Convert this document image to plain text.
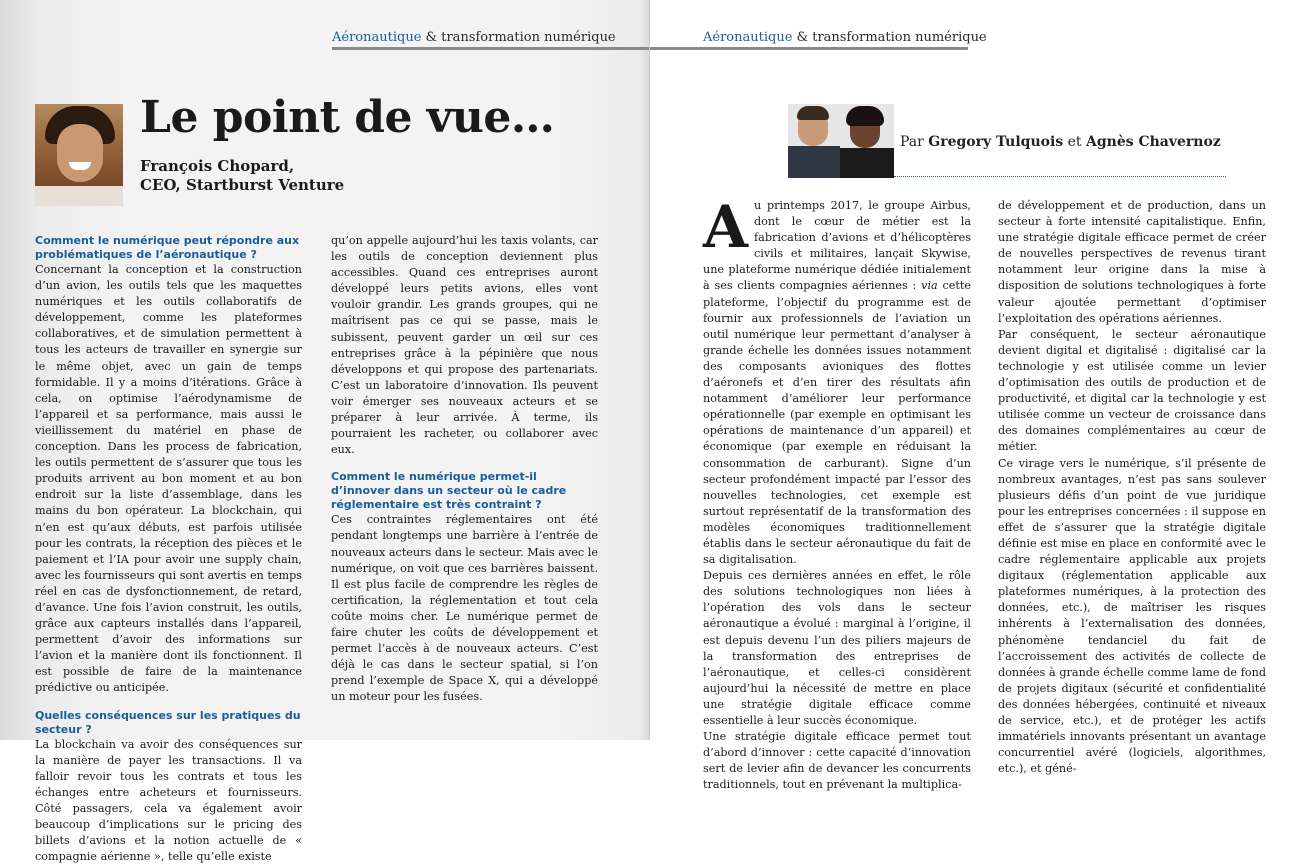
Aéronautique & transformation numérique
Le point de vue…
François Chopard,
CEO, Startburst Venture

Comment le numérique peut répondre aux problématiques de l’aéronautique ?

Concernant la conception et la construction d’un avion, les outils tels que les maquettes numériques et les outils collaboratifs de développement, comme les plateformes collaboratives, et de simulation permettent à tous les acteurs de travailler en synergie sur le même objet, avec un gain de temps formidable. Il y a moins d’itérations. Grâce à cela, on optimise l’aérodynamisme de l’appareil et sa performance, mais aussi le vieillissement du matériel en phase de conception. Dans les process de fabrication, les outils permettent de s’assurer que tous les produits arrivent au bon moment et au bon endroit sur la liste d’assemblage, dans les mains du bon opérateur. La blockchain, qui n’en est qu’aux débuts, est parfois utilisée pour les contrats, la réception des pièces et le paiement et l’IA pour avoir une supply chain, avec les fournisseurs qui sont avertis en temps réel en cas de dysfonctionnement, de retard, d’avance. Une fois l’avion construit, les outils, grâce aux capteurs installés dans l’appareil, permettent d’avoir des informations sur l’avion et la manière dont ils fonctionnent. Il est possible de faire de la maintenance prédictive ou anticipée.

Quelles conséquences sur les pratiques du secteur ?

La blockchain va avoir des conséquences sur la manière de payer les transactions. Il va falloir revoir tous les contrats et tous les échanges entre acheteurs et fournisseurs. Côté passagers, cela va également avoir beaucoup d’implications sur le pricing des billets d’avions et la notion actuelle de « compagnie aérienne », telle qu’elle existe

qu’on appelle aujourd’hui les taxis volants, car les outils de conception deviennent plus accessibles. Quand ces entreprises auront développé leurs petits avions, elles vont vouloir grandir. Les grands groupes, qui ne maîtrisent pas ce qui se passe, mais le subissent, peuvent garder un œil sur ces entreprises grâce à la pépinière que nous développons et qui propose des partenariats. C’est un laboratoire d’innovation. Ils peuvent voir émerger ses nouveaux acteurs et se préparer à leur arrivée. À terme, ils pourraient les racheter, ou collaborer avec eux.

Comment le numérique permet-il d’innover dans un secteur où le cadre réglementaire est très contraint ?

Ces contraintes réglementaires ont été pendant longtemps une barrière à l’entrée de nouveaux acteurs dans le secteur. Mais avec le numérique, on voit que ces barrières baissent. Il est plus facile de comprendre les règles de certification, la réglementation et tout cela coûte moins cher. Le numérique permet de faire chuter les coûts de développement et permet l’accès à de nouveaux acteurs. C’est déjà le cas dans le secteur spatial, si l’on prend l’exemple de Space X, qui a développé un moteur pour les fusées.

Aéronautique & transformation numérique
Par Gregory Tulquois et Agnès Chavernoz

Au printemps 2017, le groupe Airbus, dont le cœur de métier est la fabrication d’avions et d’hélicoptères civils et militaires, lançait Skywise, une plateforme numérique dédiée initialement à ses clients compagnies aériennes : via cette plateforme, l’objectif du programme est de fournir aux professionnels de l’aviation un outil numérique leur permettant d’analyser à grande échelle les données issues notamment des composants avioniques des flottes d’aéronefs et d’en tirer des résultats afin notamment d’améliorer leur performance opérationnelle (par exemple en optimisant les opérations de maintenance d’un appareil) et économique (par exemple en réduisant la consommation de carburant). Signe d’un secteur profondément impacté par l’essor des nouvelles technologies, cet exemple est surtout représentatif de la transformation des modèles économiques traditionnellement établis dans le secteur aéronautique du fait de sa digitalisation.

Depuis ces dernières années en effet, le rôle des solutions technologiques non liées à l’opération des vols dans le secteur aéronautique a évolué : marginal à l’origine, il est depuis devenu l’un des piliers majeurs de la transformation des entreprises de l’aéronautique, et celles-ci considèrent aujourd’hui la nécessité de mettre en place une stratégie digitale efficace comme essentielle à leur succès économique.

Une stratégie digitale efficace permet tout d’abord d’innover : cette capacité d’innovation sert de levier afin de devancer les concurrents traditionnels, tout en prévenant la multiplica-

de développement et de production, dans un secteur à forte intensité capitalistique. Enfin, une stratégie digitale efficace permet de créer de nouvelles perspectives de revenus tirant notamment leur origine dans la mise à disposition de solutions technologiques à forte valeur ajoutée permettant d’optimiser l’exploitation des opérations aériennes.

Par conséquent, le secteur aéronautique devient digital et digitalisé : digitalisé car la technologie y est utilisée comme un levier d’optimisation des outils de production et de productivité, et digital car la technologie y est utilisée comme un vecteur de croissance dans des domaines complémentaires au cœur de métier.

Ce virage vers le numérique, s’il présente de nombreux avantages, n’est pas sans soulever plusieurs défis d’un point de vue juridique pour les entreprises concernées : il suppose en effet de s’assurer que la stratégie digitale définie est mise en place en conformité avec le cadre réglementaire applicable aux projets digitaux (réglementation applicable aux plateformes numériques, à la protection des données, etc.), de maîtriser les risques inhérents à l’externalisation des données, phénomène tendanciel du fait de l’accroissement des activités de collecte de données à grande échelle comme lame de fond de projets digitaux (sécurité et confidentialité des données hébergées, continuité et niveaux de service, etc.), et de protéger les actifs immatériels innovants présentant un avantage concurrentiel avéré (logiciels, algorithmes, etc.), et géné-
